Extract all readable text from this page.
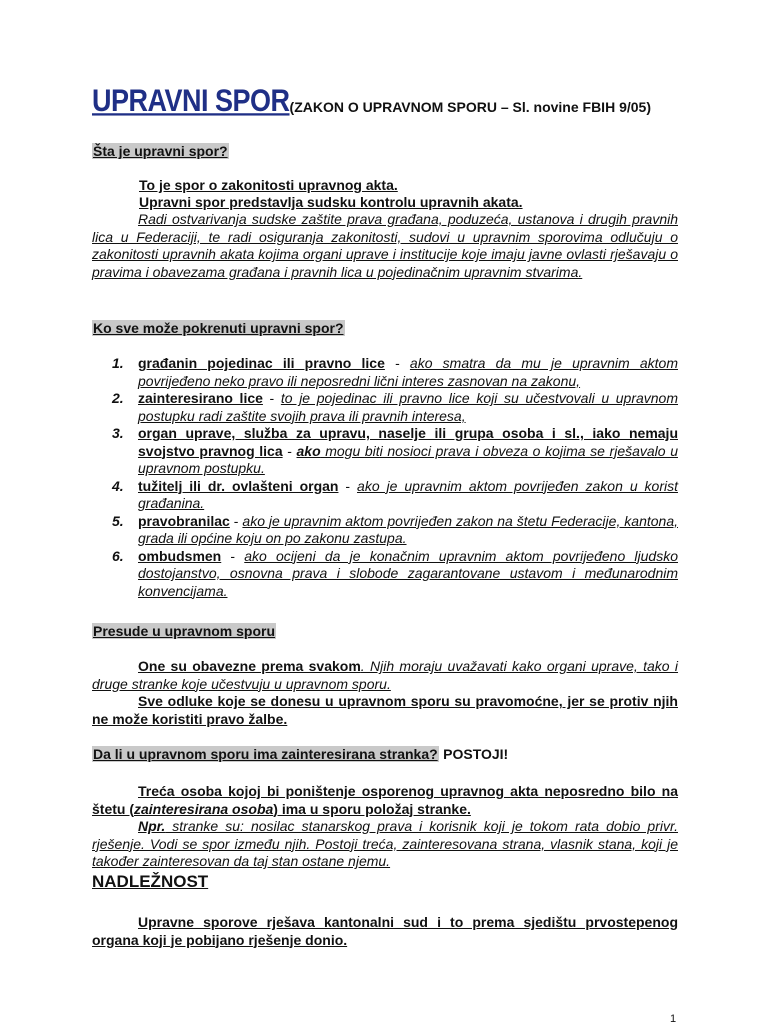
UPRAVNI SPOR(ZAKON O UPRAVNOM SPORU – Sl. novine FBIH 9/05)
Šta je upravni spor?
To je spor o zakonitosti upravnog akta.
Upravni spor predstavlja sudsku kontrolu upravnih akata.
Radi ostvarivanja sudske zaštite prava građana, poduzeća, ustanova i drugih pravnih lica u Federaciji, te radi osiguranja zakonitosti, sudovi u upravnim sporovima odlučuju o zakonitosti upravnih akata kojima organi uprave i institucije koje imaju javne ovlasti rješavaju o pravima i obavezama građana i pravnih lica u pojedinačnim upravnim stvarima.
Ko sve može pokrenuti upravni spor?
1. građanin pojedinac ili pravno lice - ako smatra da mu je upravnim aktom povrijeđeno neko pravo ili neposredni lični interes zasnovan na zakonu,
2. zainteresirano lice - to je pojedinac ili pravno lice koji su učestvovali u upravnom postupku radi zaštite svojih prava ili pravnih interesa,
3. organ uprave, služba za upravu, naselje ili grupa osoba i sl., iako nemaju svojstvo pravnog lica - ako mogu biti nosioci prava i obveza o kojima se rješavalo u upravnom postupku.
4. tužitelj ili dr. ovlašteni organ - ako je upravnim aktom povrijeđen zakon u korist građanina.
5. pravobranilac - ako je upravnim aktom povrijeđen zakon na štetu Federacije, kantona, grada ili općine koju on po zakonu zastupa.
6. ombudsmen - ako ocijeni da je konačnim upravnim aktom povrijeđeno ljudsko dostojanstvo, osnovna prava i slobode zagarantovane ustavom i međunarodnim konvencijama.
Presude u upravnom sporu
One su obavezne prema svakom. Njih moraju uvažavati kako organi uprave, tako i druge stranke koje učestvuju u upravnom sporu.
Sve odluke koje se donesu u upravnom sporu su pravomoćne, jer se protiv njih ne može koristiti pravo žalbe.
Da li u upravnom sporu ima zainteresirana stranka? POSTOJI!
Treća osoba kojoj bi poništenje osporenog upravnog akta neposredno bilo na štetu (zainteresirana osoba) ima u sporu položaj stranke.
Npr. stranke su: nosilac stanarskog prava i korisnik koji je tokom rata dobio privr. rješenje. Vodi se spor između njih. Postoji treća, zainteresovana strana, vlasnik stana, koji je također zainteresovan da taj stan ostane njemu.
NADLEŽNOST
Upravne sporove rješava kantonalni sud i to prema sjedištu prvostepenog organa koji je pobijano rješenje donio.
1
